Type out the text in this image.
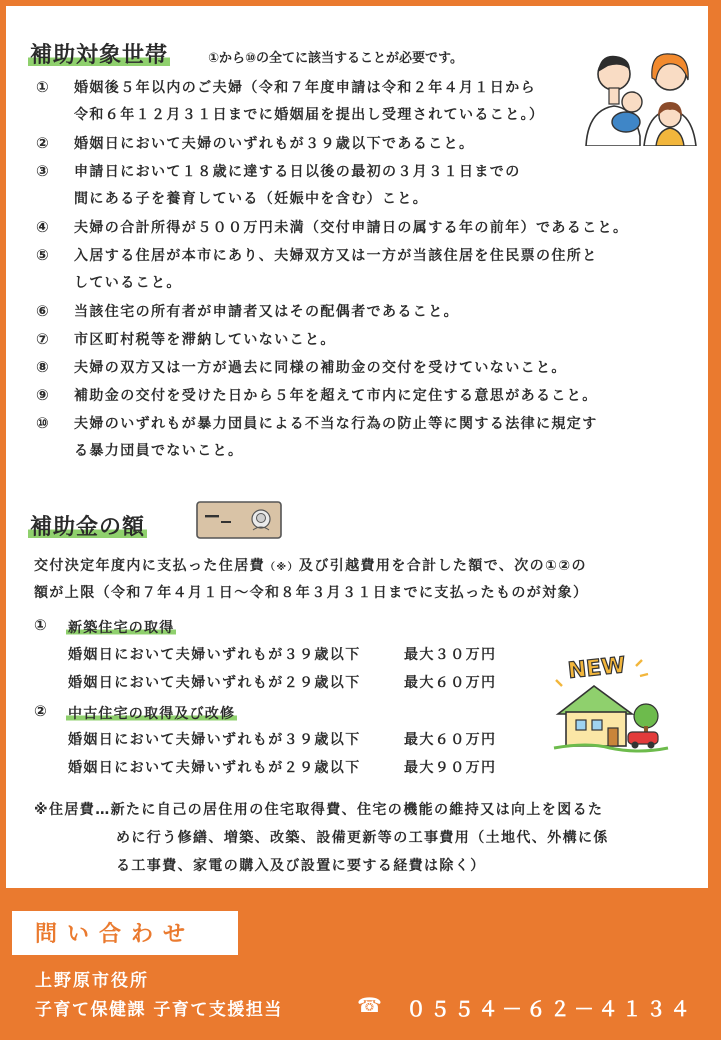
補助対象世帯	①から⑩の全てに該当することが必要です。
① 婚姻後５年以内のご夫婦（令和７年度申請は令和２年４月１日から
令和６年１２月３１日までに婚姻届を提出し受理されていること。）
② 婚姻日において夫婦のいずれもが３９歳以下であること。
③ 申請日において１８歳に達する日以後の最初の３月３１日までの
間にある子を養育している（妊娠中を含む）こと。
④ 夫婦の合計所得が５００万円未満（交付申請日の属する年の前年）であること。
⑤ 入居する住居が本市にあり、夫婦双方又は一方が当該住居を住民票の住所と
していること。
⑥ 当該住宅の所有者が申請者又はその配偶者であること。
⑦ 市区町村税等を滞納していないこと。
⑧ 夫婦の双方又は一方が過去に同様の補助金の交付を受けていないこと。
⑨ 補助金の交付を受けた日から５年を超えて市内に定住する意思があること。
⑩ 夫婦のいずれもが暴力団員による不当な行為の防止等に関する法律に規定す
る暴力団員でないこと。
補助金の額
交付決定年度内に支払った住居費（※）及び引越費用を合計した額で、次の①②の
額が上限（令和７年４月１日～令和８年３月３１日までに支払ったものが対象）
① 新築住宅の取得
婚姻日において夫婦いずれもが３９歳以下	最大３０万円
婚姻日において夫婦いずれもが２９歳以下	最大６０万円
② 中古住宅の取得及び改修
婚姻日において夫婦いずれもが３９歳以下	最大６０万円
婚姻日において夫婦いずれもが２９歳以下	最大９０万円
NEW
※住居費…新たに自己の居住用の住宅取得費、住宅の機能の維持又は向上を図るた
めに行う修繕、増築、改築、設備更新等の工事費用（土地代、外構に係
る工事費、家電の購入及び設置に要する経費は除く）
問い合わせ
上野原市役所
子育て保健課 子育て支援担当	☎ ０５５４－６２－４１３４
